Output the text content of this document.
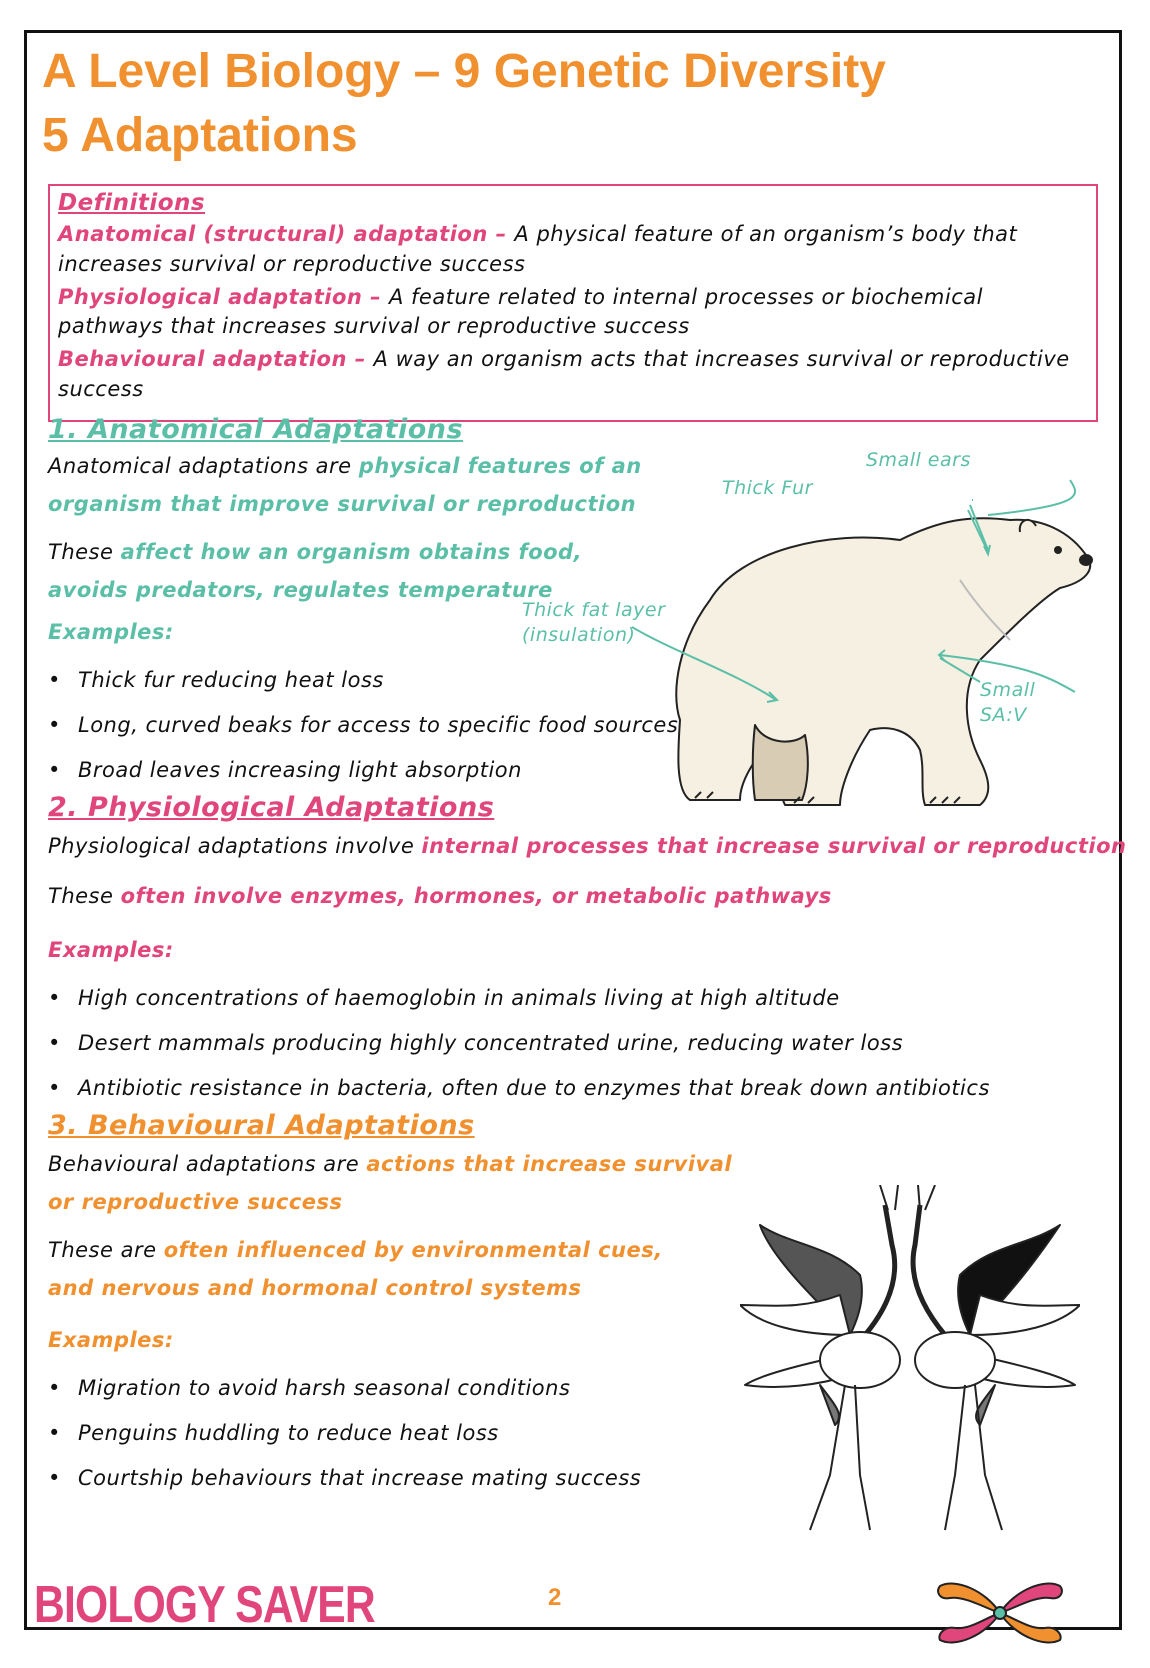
A Level Biology – 9 Genetic Diversity
5 Adaptations

Definitions

Anatomical (structural) adaptation – A physical feature of an organism’s body that increases survival or reproductive success

Physiological adaptation – A feature related to internal processes or biochemical pathways that increases survival or reproductive success

Behavioural adaptation – A way an organism acts that increases survival or reproductive success

1. Anatomical Adaptations

Anatomical adaptations are physical features of an organism that improve survival or reproduction

These affect how an organism obtains food, avoids predators, regulates temperature

Examples:

• Thick fur reducing heat loss
• Long, curved beaks for access to specific food sources
• Broad leaves increasing light absorption

Small ears

Thick Fur

Thick fat layer
(insulation)

Small
SA:V

2. Physiological Adaptations

Physiological adaptations involve internal processes that increase survival or reproduction

These often involve enzymes, hormones, or metabolic pathways

Examples:

• High concentrations of haemoglobin in animals living at high altitude
• Desert mammals producing highly concentrated urine, reducing water loss
• Antibiotic resistance in bacteria, often due to enzymes that break down antibiotics

3. Behavioural Adaptations

Behavioural adaptations are actions that increase survival or reproductive success

These are often influenced by environmental cues, and nervous and hormonal control systems

Examples:

• Migration to avoid harsh seasonal conditions
• Penguins huddling to reduce heat loss
• Courtship behaviours that increase mating success
BIOLOGY SAVER	2
